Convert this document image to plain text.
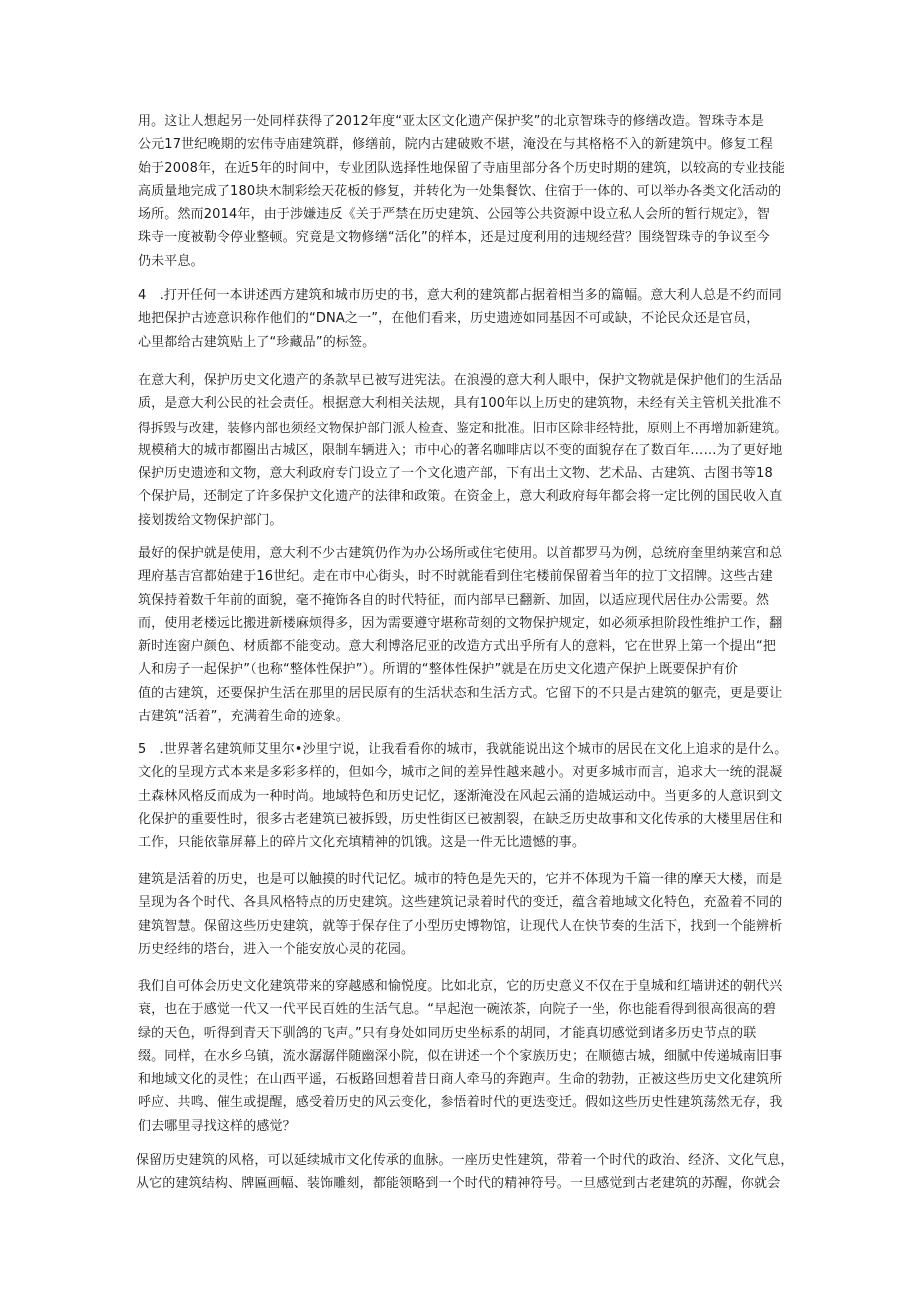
用。这让人想起另一处同样获得了2012年度“亚太区文化遗产保护奖”的北京智珠寺的修缮改造。智珠寺本是
公元17世纪晚期的宏伟寺庙建筑群，修缮前，院内古建破败不堪，淹没在与其格格不入的新建筑中。修复工程
始于2008年，在近5年的时间中，专业团队选择性地保留了寺庙里部分各个历史时期的建筑，以较高的专业技能
高质量地完成了180块木制彩绘天花板的修复，并转化为一处集餐饮、住宿于一体的、可以举办各类文化活动的
场所。然而2014年，由于涉嫌违反《关于严禁在历史建筑、公园等公共资源中设立私人会所的暂行规定》，智
珠寺一度被勒令停业整顿。究竟是文物修缮“活化”的样本，还是过度利用的违规经营？围绕智珠寺的争议至今
仍未平息。
4　.打开任何一本讲述西方建筑和城市历史的书，意大利的建筑都占据着相当多的篇幅。意大利人总是不约而同
地把保护古迹意识称作他们的“DNA之一”，在他们看来，历史遗迹如同基因不可或缺，不论民众还是官员，
心里都给古建筑贴上了“珍藏品”的标签。
在意大利，保护历史文化遗产的条款早已被写进宪法。在浪漫的意大利人眼中，保护文物就是保护他们的生活品
质，是意大利公民的社会责任。根据意大利相关法规，具有100年以上历史的建筑物，未经有关主管机关批准不
得拆毁与改建，装修内部也须经文物保护部门派人检查、鉴定和批准。旧市区除非经特批，原则上不再增加新建筑。
规模稍大的城市都圈出古城区，限制车辆进入；市中心的著名咖啡店以不变的面貌存在了数百年……为了更好地
保护历史遗迹和文物，意大利政府专门设立了一个文化遗产部，下有出土文物、艺术品、古建筑、古图书等18
个保护局，还制定了许多保护文化遗产的法律和政策。在资金上，意大利政府每年都会将一定比例的国民收入直
接划拨给文物保护部门。
最好的保护就是使用，意大利不少古建筑仍作为办公场所或住宅使用。以首都罗马为例，总统府奎里纳莱宫和总
理府基吉宫都始建于16世纪。走在市中心街头，时不时就能看到住宅楼前保留着当年的拉丁文招牌。这些古建
筑保持着数千年前的面貌，毫不掩饰各自的时代特征，而内部早已翻新、加固，以适应现代居住办公需要。然
而，使用老楼远比搬进新楼麻烦得多，因为需要遵守堪称苛刻的文物保护规定，如必须承担阶段性维护工作，翻
新时连窗户颜色、材质都不能变动。意大利博洛尼亚的改造方式出乎所有人的意料，它在世界上第一个提出“把
人和房子一起保护”（也称“整体性保护”）。所谓的“整体性保护”就是在历史文化遗产保护上既要保护有价
值的古建筑，还要保护生活在那里的居民原有的生活状态和生活方式。它留下的不只是古建筑的躯壳，更是要让
古建筑“活着”，充满着生命的迹象。
5　.世界著名建筑师艾里尔•沙里宁说，让我看看你的城市，我就能说出这个城市的居民在文化上追求的是什么。
文化的呈现方式本来是多彩多样的，但如今，城市之间的差异性越来越小。对更多城市而言，追求大一统的混凝
土森林风格反而成为一种时尚。地域特色和历史记忆，逐渐淹没在风起云涌的造城运动中。当更多的人意识到文
化保护的重要性时，很多古老建筑已被拆毁，历史性街区已被割裂，在缺乏历史故事和文化传承的大楼里居住和
工作，只能依靠屏幕上的碎片文化充填精神的饥饿。这是一件无比遗憾的事。
建筑是活着的历史，也是可以触摸的时代记忆。城市的特色是先天的，它并不体现为千篇一律的摩天大楼，而是
呈现为各个时代、各具风格特点的历史建筑。这些建筑记录着时代的变迁，蕴含着地域文化特色，充盈着不同的
建筑智慧。保留这些历史建筑，就等于保存住了小型历史博物馆，让现代人在快节奏的生活下，找到一个能辨析
历史经纬的塔台，进入一个能安放心灵的花园。
我们自可体会历史文化建筑带来的穿越感和愉悦度。比如北京，它的历史意义不仅在于皇城和红墙讲述的朝代兴
衰，也在于感觉一代又一代平民百姓的生活气息。“早起泡一碗浓茶，向院子一坐，你也能看得到很高很高的碧
绿的天色，听得到青天下驯鸽的飞声。”只有身处如同历史坐标系的胡同，才能真切感觉到诸多历史节点的联
缀。同样，在水乡乌镇，流水潺潺伴随幽深小院，似在讲述一个个家族历史；在顺德古城，细腻中传递城南旧事
和地域文化的灵性；在山西平遥，石板路回想着昔日商人牵马的奔跑声。生命的勃勃，正被这些历史文化建筑所
呼应、共鸣、催生或提醒，感受着历史的风云变化，参悟着时代的更迭变迁。假如这些历史性建筑荡然无存，我
们去哪里寻找这样的感觉？
保留历史建筑的风格，可以延续城市文化传承的血脉。一座历史性建筑，带着一个时代的政治、经济、文化气息，
从它的建筑结构、牌匾画幅、装饰雕刻，都能领略到一个时代的精神符号。一旦感觉到古老建筑的苏醒，你就会
